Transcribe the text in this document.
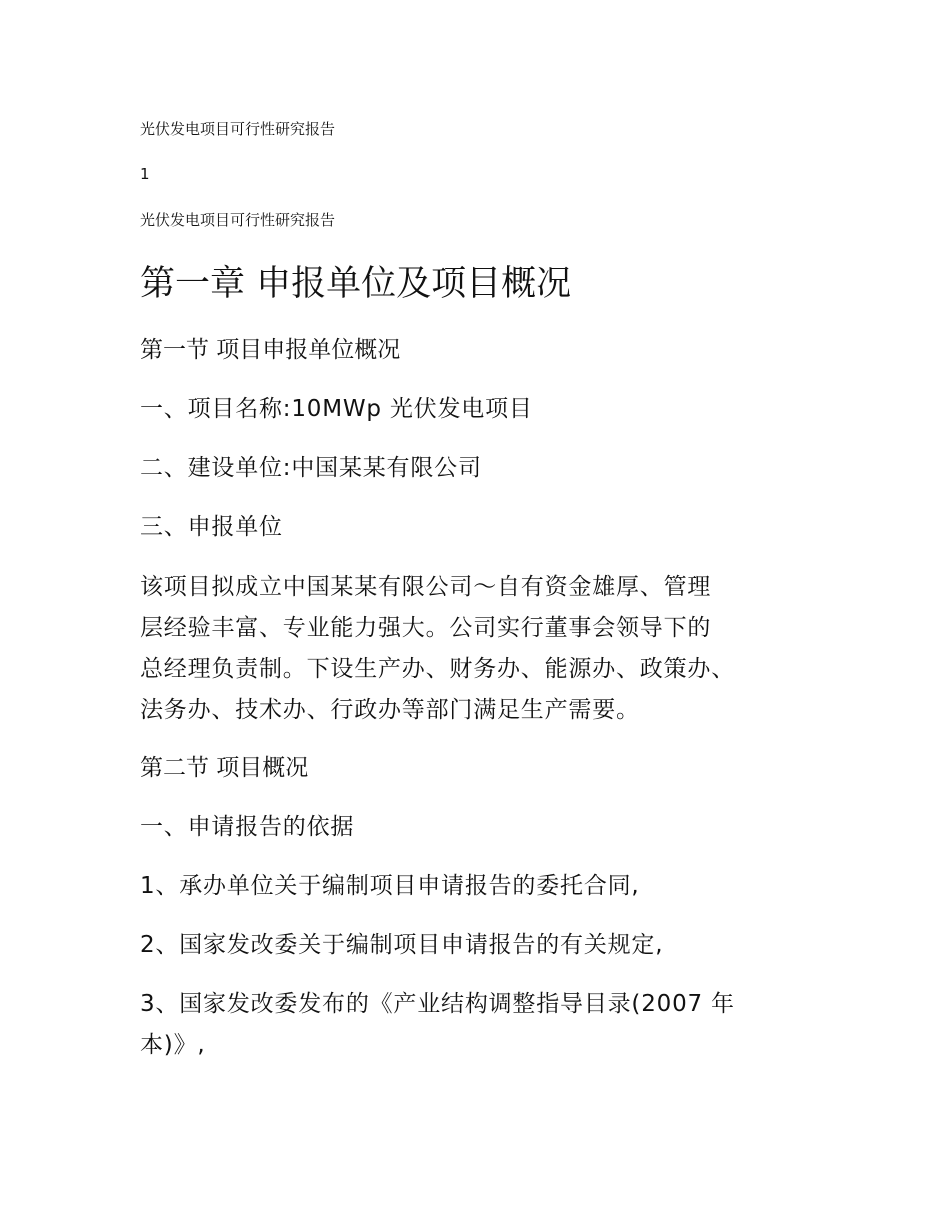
光伏发电项目可行性研究报告

1

光伏发电项目可行性研究报告

第一章 申报单位及项目概况
第一节 项目申报单位概况

一、项目名称:10MWp 光伏发电项目

二、建设单位:中国某某有限公司

三、申报单位

该项目拟成立中国某某有限公司～自有资金雄厚、管理
层经验丰富、专业能力强大。公司实行董事会领导下的
总经理负责制。下设生产办、财务办、能源办、政策办、
法务办、技术办、行政办等部门满足生产需要。

第二节 项目概况

一、申请报告的依据

1、承办单位关于编制项目申请报告的委托合同,

2、国家发改委关于编制项目申请报告的有关规定,

3、国家发改委发布的《产业结构调整指导目录(2007 年
本)》,
